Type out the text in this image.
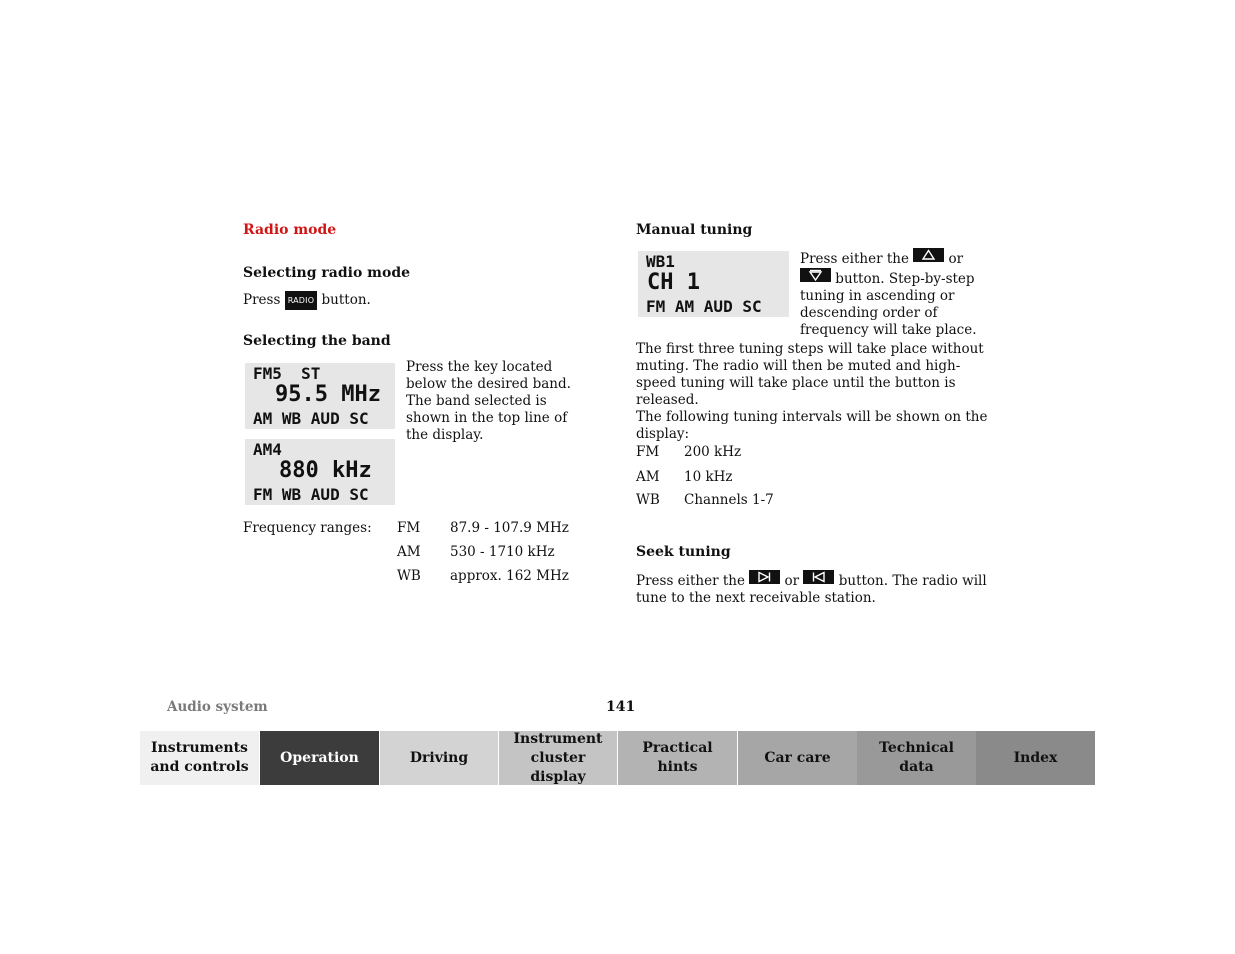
Radio mode
Selecting radio mode
Press RADIO button.
Selecting the band

FM5  ST

95.5 MHz

AM WB AUD SC

AM4

880 kHz

FM WB AUD SC

Press the key located below the desired band. The band selected is shown in the top line of the display.
Frequency ranges: FM 87.9 - 107.9 MHz
AM 530 - 1710 kHz
WB approx. 162 MHz
Manual tuning

WB1

CH 1

FM AM AUD SC

Press either the	or
button. Step-by-step tuning in ascending or descending order of frequency will take place.
The first three tuning steps will take place without muting. The radio will then be muted and high-speed tuning will take place until the button is released.
The following tuning intervals will be shown on the display:
FM 200 kHz
AM 10 kHz
WB Channels 1-7
Seek tuning
Press either the	or	button. The radio will tune to the next receivable station.
Audio system	141
Instruments and controls
Operation	Driving
Instrument cluster display
Practical hints
Car care
Technical data
Index
